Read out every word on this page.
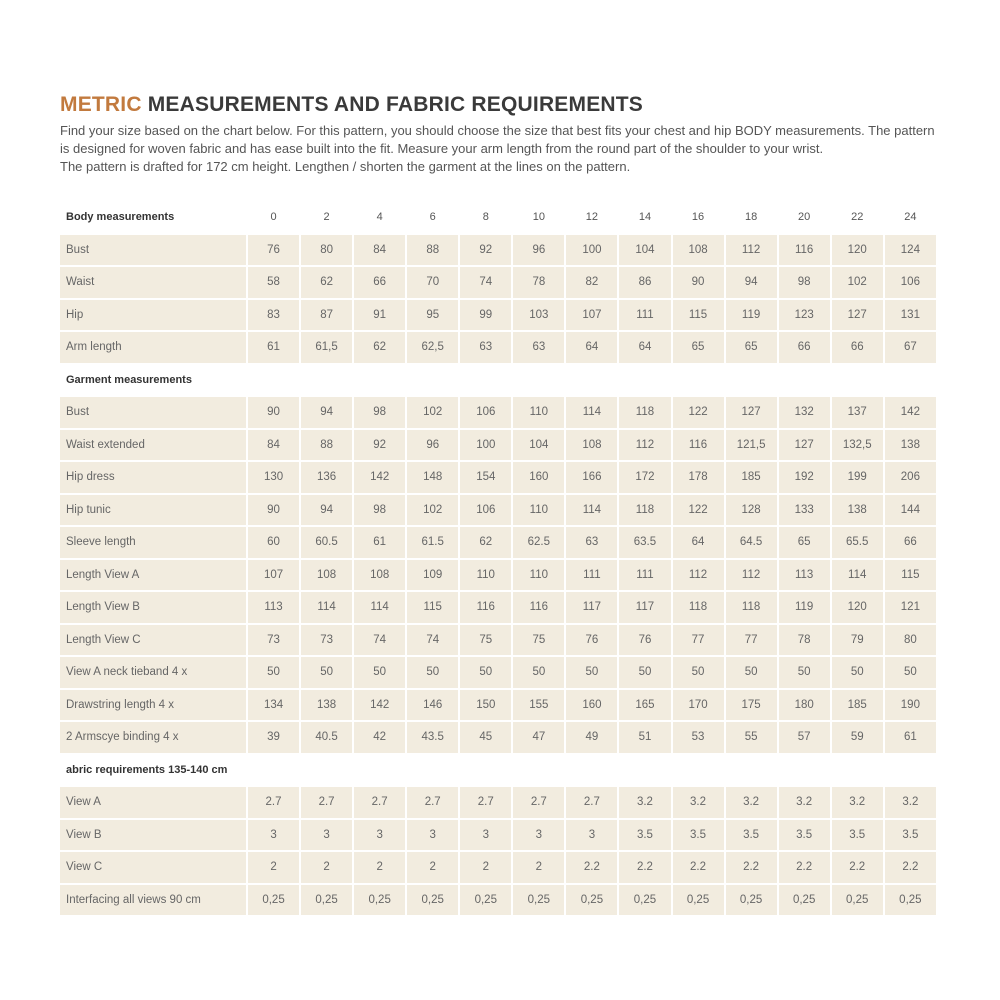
METRIC MEASUREMENTS AND FABRIC REQUIREMENTS

Find your size based on the chart below. For this pattern, you should choose the size that best fits your chest and hip BODY measurements. The pattern

is designed for woven fabric and has ease built into the fit. Measure your arm length from the round part of the shoulder to your wrist.

The pattern is drafted for 172 cm height. Lengthen / shorten the garment at the lines on the pattern.

Body measurements	0	2	4	6	8	10	12	14	16	18	20	22	24
Bust	76	80	84	88	92	96	100	104	108	112	116	120	124
Waist	58	62	66	70	74	78	82	86	90	94	98	102	106
Hip	83	87	91	95	99	103	107	111	115	119	123	127	131
Arm length	61	61,5	62	62,5	63	63	64	64	65	65	66	66	67
Garment measurements													
Bust	90	94	98	102	106	110	114	118	122	127	132	137	142
Waist extended	84	88	92	96	100	104	108	112	116	121,5	127	132,5	138
Hip dress	130	136	142	148	154	160	166	172	178	185	192	199	206
Hip tunic	90	94	98	102	106	110	114	118	122	128	133	138	144
Sleeve length	60	60.5	61	61.5	62	62.5	63	63.5	64	64.5	65	65.5	66
Length View A	107	108	108	109	110	110	111	111	112	112	113	114	115
Length View B	113	114	114	115	116	116	117	117	118	118	119	120	121
Length View C	73	73	74	74	75	75	76	76	77	77	78	79	80
View A neck tieband 4 x	50	50	50	50	50	50	50	50	50	50	50	50	50
Drawstring length 4 x	134	138	142	146	150	155	160	165	170	175	180	185	190
2 Armscye binding 4 x	39	40.5	42	43.5	45	47	49	51	53	55	57	59	61
abric requirements 135-140 cm													
View A	2.7	2.7	2.7	2.7	2.7	2.7	2.7	3.2	3.2	3.2	3.2	3.2	3.2
View B	3	3	3	3	3	3	3	3.5	3.5	3.5	3.5	3.5	3.5
View C	2	2	2	2	2	2	2.2	2.2	2.2	2.2	2.2	2.2	2.2
Interfacing all views 90 cm	0,25	0,25	0,25	0,25	0,25	0,25	0,25	0,25	0,25	0,25	0,25	0,25	0,25
